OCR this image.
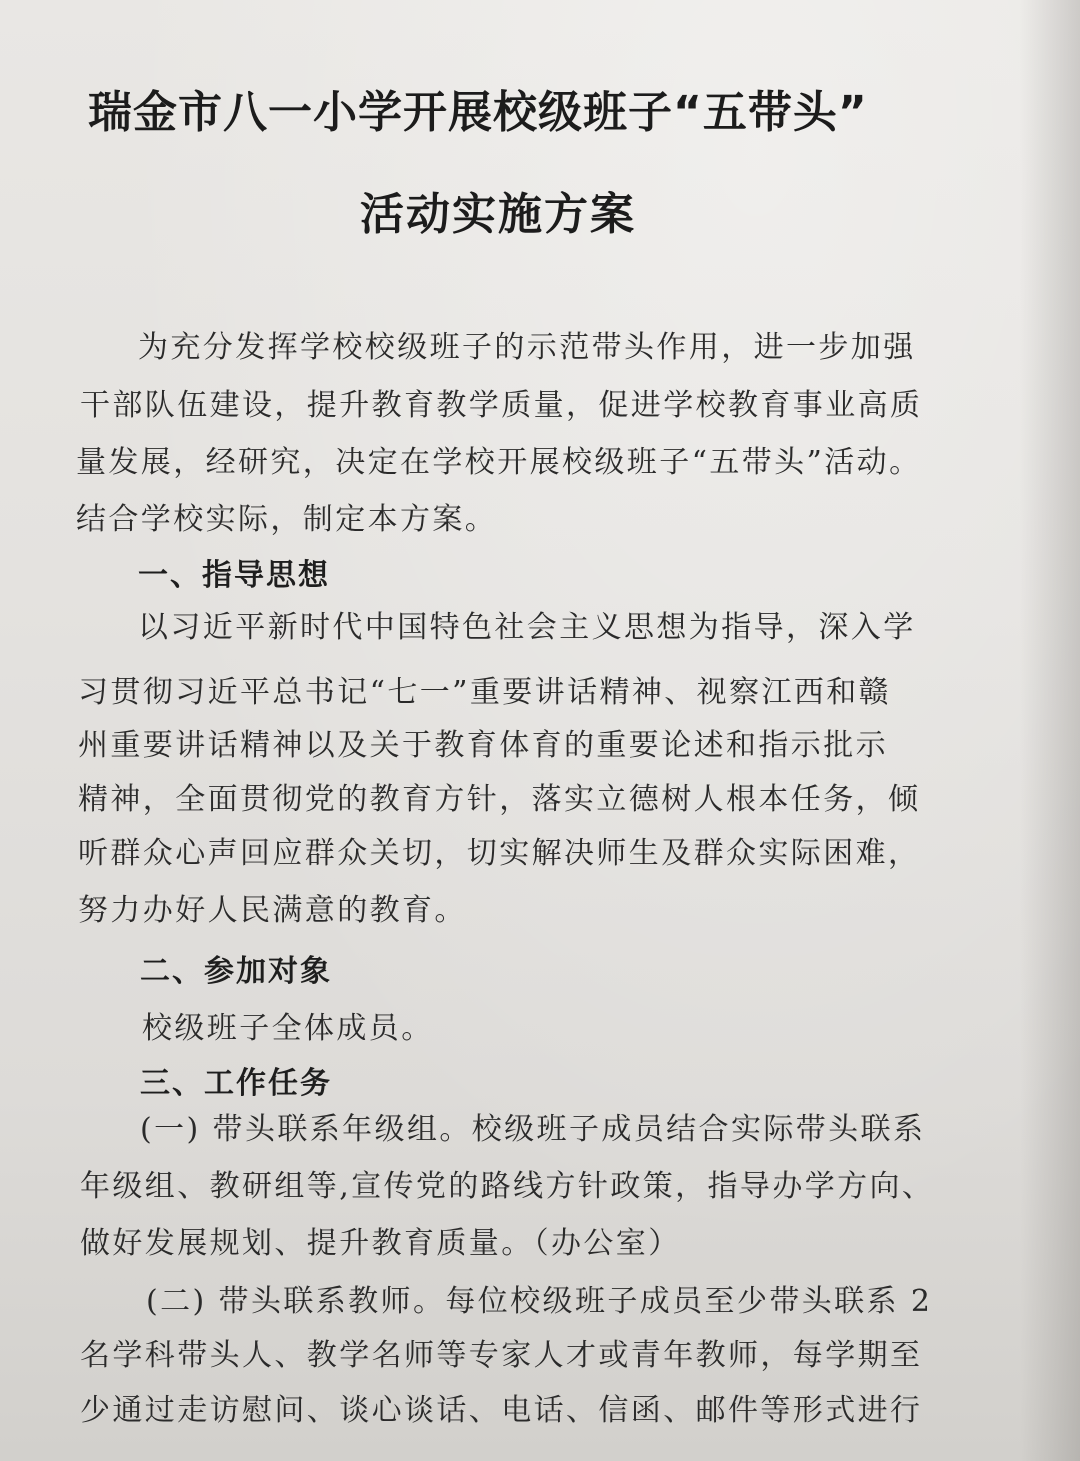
瑞金市八一小学开展校级班子“五带头”
活动实施方案
为充分发挥学校校级班子的示范带头作用，进一步加强
干部队伍建设，提升教育教学质量，促进学校教育事业高质
量发展，经研究，决定在学校开展校级班子“五带头”活动。
结合学校实际，制定本方案。
一、指导思想
以习近平新时代中国特色社会主义思想为指导，深入学
习贯彻习近平总书记“七一”重要讲话精神、视察江西和赣
州重要讲话精神以及关于教育体育的重要论述和指示批示
精神，全面贯彻党的教育方针，落实立德树人根本任务，倾
听群众心声回应群众关切，切实解决师生及群众实际困难，
努力办好人民满意的教育。
二、参加对象
校级班子全体成员。
三、工作任务
(一) 带头联系年级组。校级班子成员结合实际带头联系
年级组、教研组等,宣传党的路线方针政策，指导办学方向、
做好发展规划、提升教育质量。（办公室）
(二) 带头联系教师。每位校级班子成员至少带头联系 2
名学科带头人、教学名师等专家人才或青年教师，每学期至
少通过走访慰问、谈心谈话、电话、信函、邮件等形式进行
